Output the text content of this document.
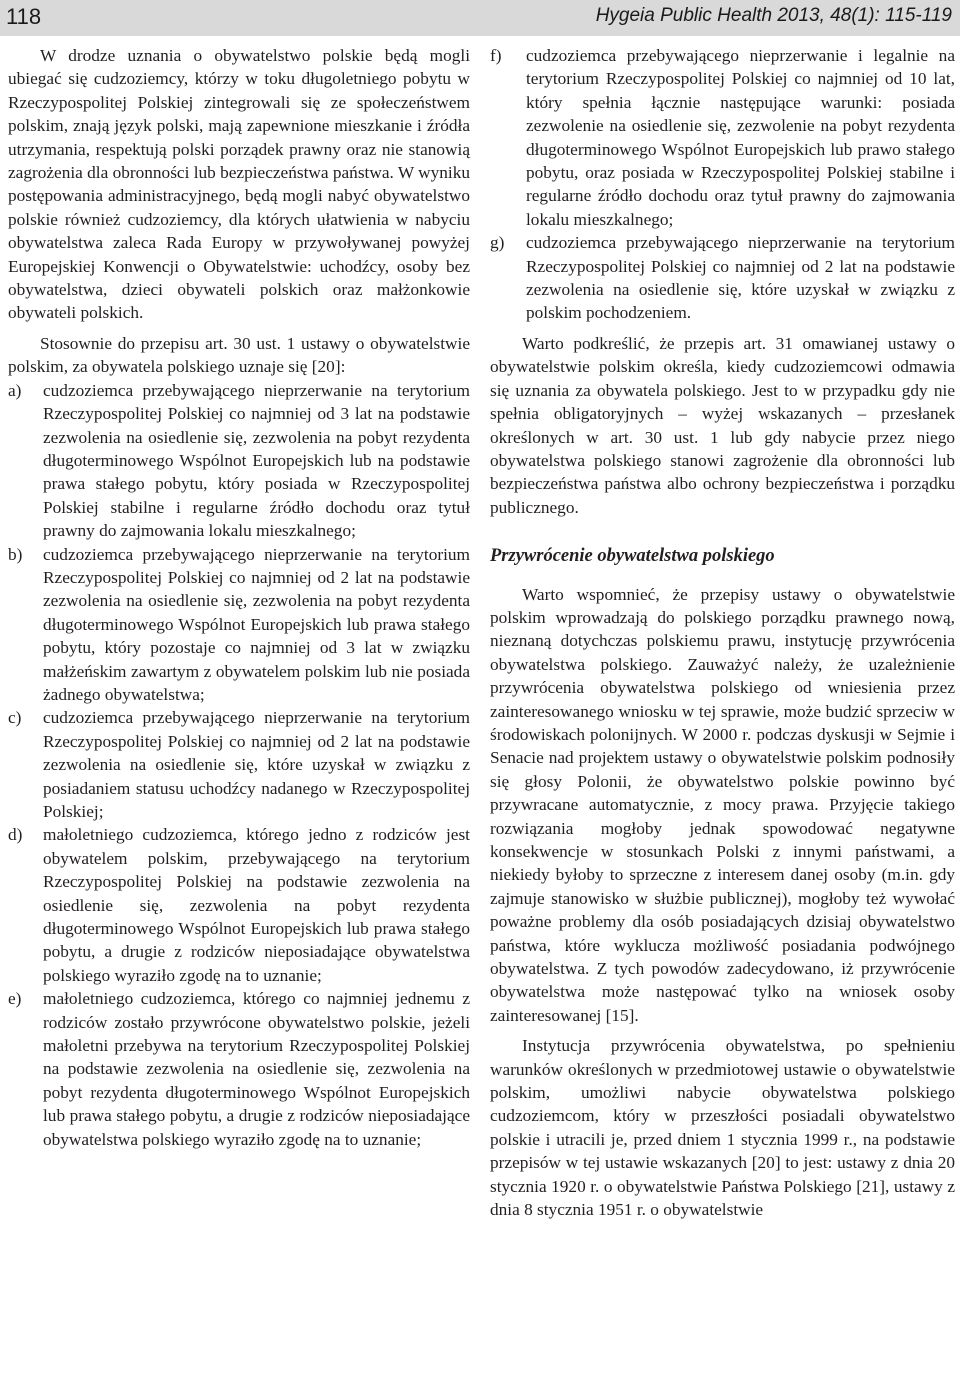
118	Hygeia Public Health 2013, 48(1): 115-119

W drodze uznania o obywatelstwo polskie będą mogli ubiegać się cudzoziemcy, którzy w toku długoletniego pobytu w Rzeczypospolitej Polskiej zintegrowali się ze społeczeństwem polskim, znają język polski, mają zapewnione mieszkanie i źródła utrzymania, respektują polski porządek prawny oraz nie stanowią zagrożenia dla obronności lub bezpieczeństwa państwa. W wyniku postępowania administracyjnego, będą mogli nabyć obywatelstwo polskie również cudzoziemcy, dla których ułatwienia w nabyciu obywatelstwa zaleca Rada Europy w przywoływanej powyżej Europejskiej Konwencji o Obywatelstwie: uchodźcy, osoby bez obywatelstwa, dzieci obywateli polskich oraz małżonkowie obywateli polskich.

Stosownie do przepisu art. 30 ust. 1 ustawy o obywatelstwie polskim, za obywatela polskiego uznaje się [20]:

a) cudzoziemca przebywającego nieprzerwanie na terytorium Rzeczypospolitej Polskiej co najmniej od 3 lat na podstawie zezwolenia na osiedlenie się, zezwolenia na pobyt rezydenta długoterminowego Wspólnot Europejskich lub na podstawie prawa stałego pobytu, który posiada w Rzeczypospolitej Polskiej stabilne i regularne źródło dochodu oraz tytuł prawny do zajmowania lokalu mieszkalnego;
b) cudzoziemca przebywającego nieprzerwanie na terytorium Rzeczypospolitej Polskiej co najmniej od 2 lat na podstawie zezwolenia na osiedlenie się, zezwolenia na pobyt rezydenta długoterminowego Wspólnot Europejskich lub prawa stałego pobytu, który pozostaje co najmniej od 3 lat w związku małżeńskim zawartym z obywatelem polskim lub nie posiada żadnego obywatelstwa;
c) cudzoziemca przebywającego nieprzerwanie na terytorium Rzeczypospolitej Polskiej co najmniej od 2 lat na podstawie zezwolenia na osiedlenie się, które uzyskał w związku z posiadaniem statusu uchodźcy nadanego w Rzeczypospolitej Polskiej;
d) małoletniego cudzoziemca, którego jedno z rodziców jest obywatelem polskim, przebywającego na terytorium Rzeczypospolitej Polskiej na podstawie zezwolenia na osiedlenie się, zezwolenia na pobyt rezydenta długoterminowego Wspólnot Europejskich lub prawa stałego pobytu, a drugie z rodziców nieposiadające obywatelstwa polskiego wyraziło zgodę na to uznanie;
e) małoletniego cudzoziemca, którego co najmniej jednemu z rodziców zostało przywrócone obywatelstwo polskie, jeżeli małoletni przebywa na terytorium Rzeczypospolitej Polskiej na podstawie zezwolenia na osiedlenie się, zezwolenia na pobyt rezydenta długoterminowego Wspólnot Europejskich lub prawa stałego pobytu, a drugie z rodziców nieposiadające obywatelstwa polskiego wyraziło zgodę na to uznanie;
f) cudzoziemca przebywającego nieprzerwanie i legalnie na terytorium Rzeczypospolitej Polskiej co najmniej od 10 lat, który spełnia łącznie następujące warunki: posiada zezwolenie na osiedlenie się, zezwolenie na pobyt rezydenta długoterminowego Wspólnot Europejskich lub prawo stałego pobytu, oraz posiada w Rzeczypospolitej Polskiej stabilne i regularne źródło dochodu oraz tytuł prawny do zajmowania lokalu mieszkalnego;
g) cudzoziemca przebywającego nieprzerwanie na terytorium Rzeczypospolitej Polskiej co najmniej od 2 lat na podstawie zezwolenia na osiedlenie się, które uzyskał w związku z polskim pochodzeniem.

Warto podkreślić, że przepis art. 31 omawianej ustawy o obywatelstwie polskim określa, kiedy cudzoziemcowi odmawia się uznania za obywatela polskiego. Jest to w przypadku gdy nie spełnia obligatoryjnych – wyżej wskazanych – przesłanek określonych w art. 30 ust. 1 lub gdy nabycie przez niego obywatelstwa polskiego stanowi zagrożenie dla obronności lub bezpieczeństwa państwa albo ochrony bezpieczeństwa i porządku publicznego.

Przywrócenie obywatelstwa polskiego

Warto wspomnieć, że przepisy ustawy o obywatelstwie polskim wprowadzają do polskiego porządku prawnego nową, nieznaną dotychczas polskiemu prawu, instytucję przywrócenia obywatelstwa polskiego. Zauważyć należy, że uzależnienie przywrócenia obywatelstwa polskiego od wniesienia przez zainteresowanego wniosku w tej sprawie, może budzić sprzeciw w środowiskach polonijnych. W 2000 r. podczas dyskusji w Sejmie i Senacie nad projektem ustawy o obywatelstwie polskim podnosiły się głosy Polonii, że obywatelstwo polskie powinno być przywracane automatycznie, z mocy prawa. Przyjęcie takiego rozwiązania mogłoby jednak spowodować negatywne konsekwencje w stosunkach Polski z innymi państwami, a niekiedy byłoby to sprzeczne z interesem danej osoby (m.in. gdy zajmuje stanowisko w służbie publicznej), mogłoby też wywołać poważne problemy dla osób posiadających dzisiaj obywatelstwo państwa, które wyklucza możliwość posiadania podwójnego obywatelstwa. Z tych powodów zadecydowano, iż przywrócenie obywatelstwa może następować tylko na wniosek osoby zainteresowanej [15].

Instytucja przywrócenia obywatelstwa, po spełnieniu warunków określonych w przedmiotowej ustawie o obywatelstwie polskim, umożliwi nabycie obywatelstwa polskiego cudzoziemcom, który w przeszłości posiadali obywatelstwo polskie i utracili je, przed dniem 1 stycznia 1999 r., na podstawie przepisów w tej ustawie wskazanych [20] to jest: ustawy z dnia 20 stycznia 1920 r. o obywatelstwie Państwa Polskiego [21], ustawy z dnia 8 stycznia 1951 r. o obywatelstwie
